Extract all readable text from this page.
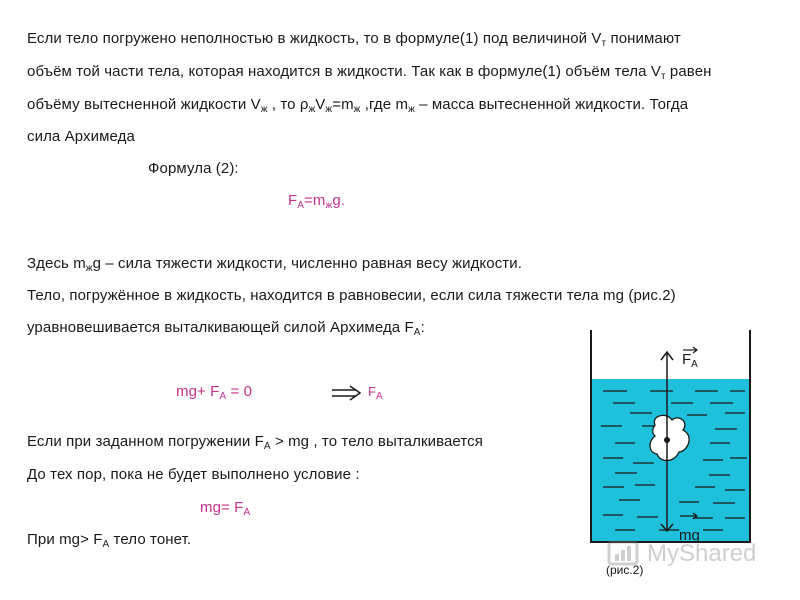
Если тело погружено неполностью в жидкость, то в формуле(1) под величиной $V_т$ понимают
объём той части тела, которая находится в жидкости. Так как в формуле(1) объём тела $V_т$ равен
объёму вытесненной жидкости $V_ж$ , то $\rho_жV_ж=m_ж$ ,где $m_ж$ – масса вытесненной жидкости. Тогда
сила Архимеда
Формула (2):
$F_A=m_жg$.
Здесь $m_жg$ – сила тяжести жидкости, численно равная весу жидкости.
Тело, погружённое в жидкость, находится в равновесии, если сила тяжести тела mg (рис.2)
уравновешивается выталкивающей силой Архимеда $F_A$:
$mg+ F_A = 0$	$F_A$
Если при заданном погружении $F_A$ > mg , то тело выталкивается
До тех пор, пока не будет выполнено условие :
$mg= F_A$
При $mg> F_A$ тело тонет.
$F_A$
mg
MyShared
(рис.2)
